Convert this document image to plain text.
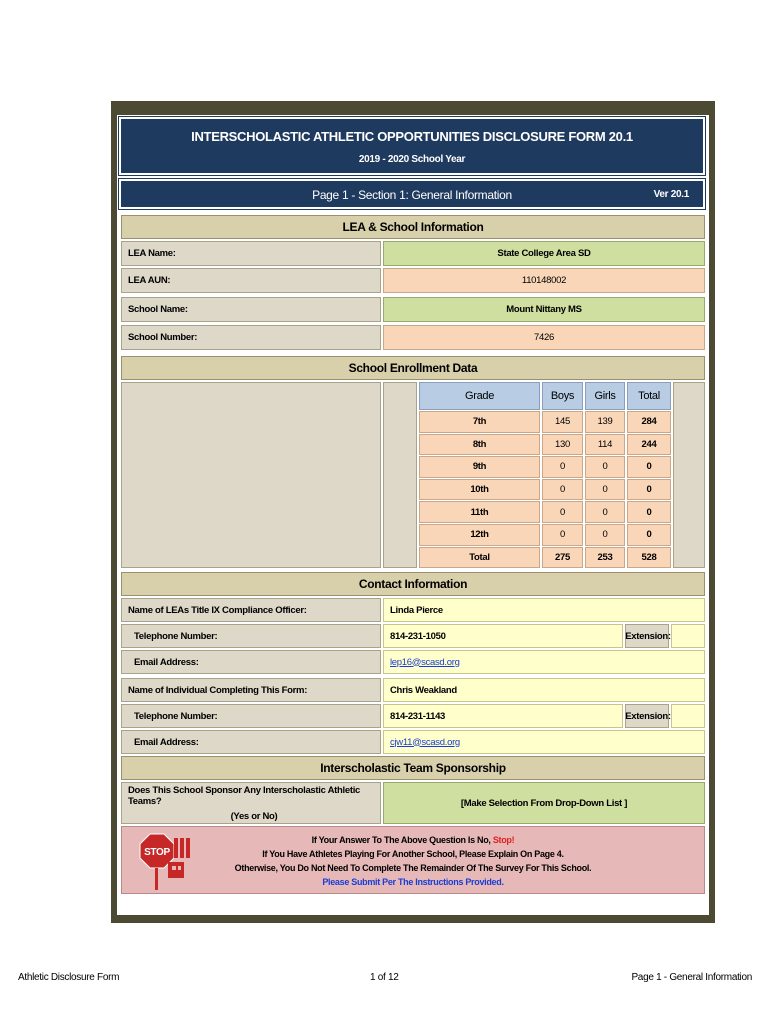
INTERSCHOLASTIC ATHLETIC OPPORTUNITIES DISCLOSURE FORM 20.1
2019 - 2020 School Year
Page 1 - Section 1: General Information	Ver 20.1
LEA & School Information
LEA Name:	State College Area SD
LEA AUN:	110148002
School Name:	Mount Nittany MS
School Number:	7426
School Enrollment Data
Grade	Boys	Girls	Total
7th	145	139	284
8th	130	114	244
9th	0	0	0
10th	0	0	0
11th	0	0	0
12th	0	0	0
Total	275	253	528
Contact Information
Name of LEAs Title IX Compliance Officer:	Linda Pierce
Telephone Number:	814-231-1050	Extension:
Email Address:	lep16@scasd.org
Name of Individual Completing This Form:	Chris Weakland
Telephone Number:	814-231-1143	Extension:
Email Address:	cjw11@scasd.org
Interscholastic Team Sponsorship
Does This School Sponsor Any Interscholastic Athletic Teams?
(Yes or No)
[Make Selection From Drop-Down List ]
STOP
If Your Answer To The Above Question Is No, Stop!
If You Have Athletes Playing For Another School, Please Explain On Page 4.
Otherwise, You Do Not Need To Complete The Remainder Of The Survey For This School.
Please Submit Per The Instructions Provided.
Athletic Disclosure Form	1 of 12	Page 1 - General Information
